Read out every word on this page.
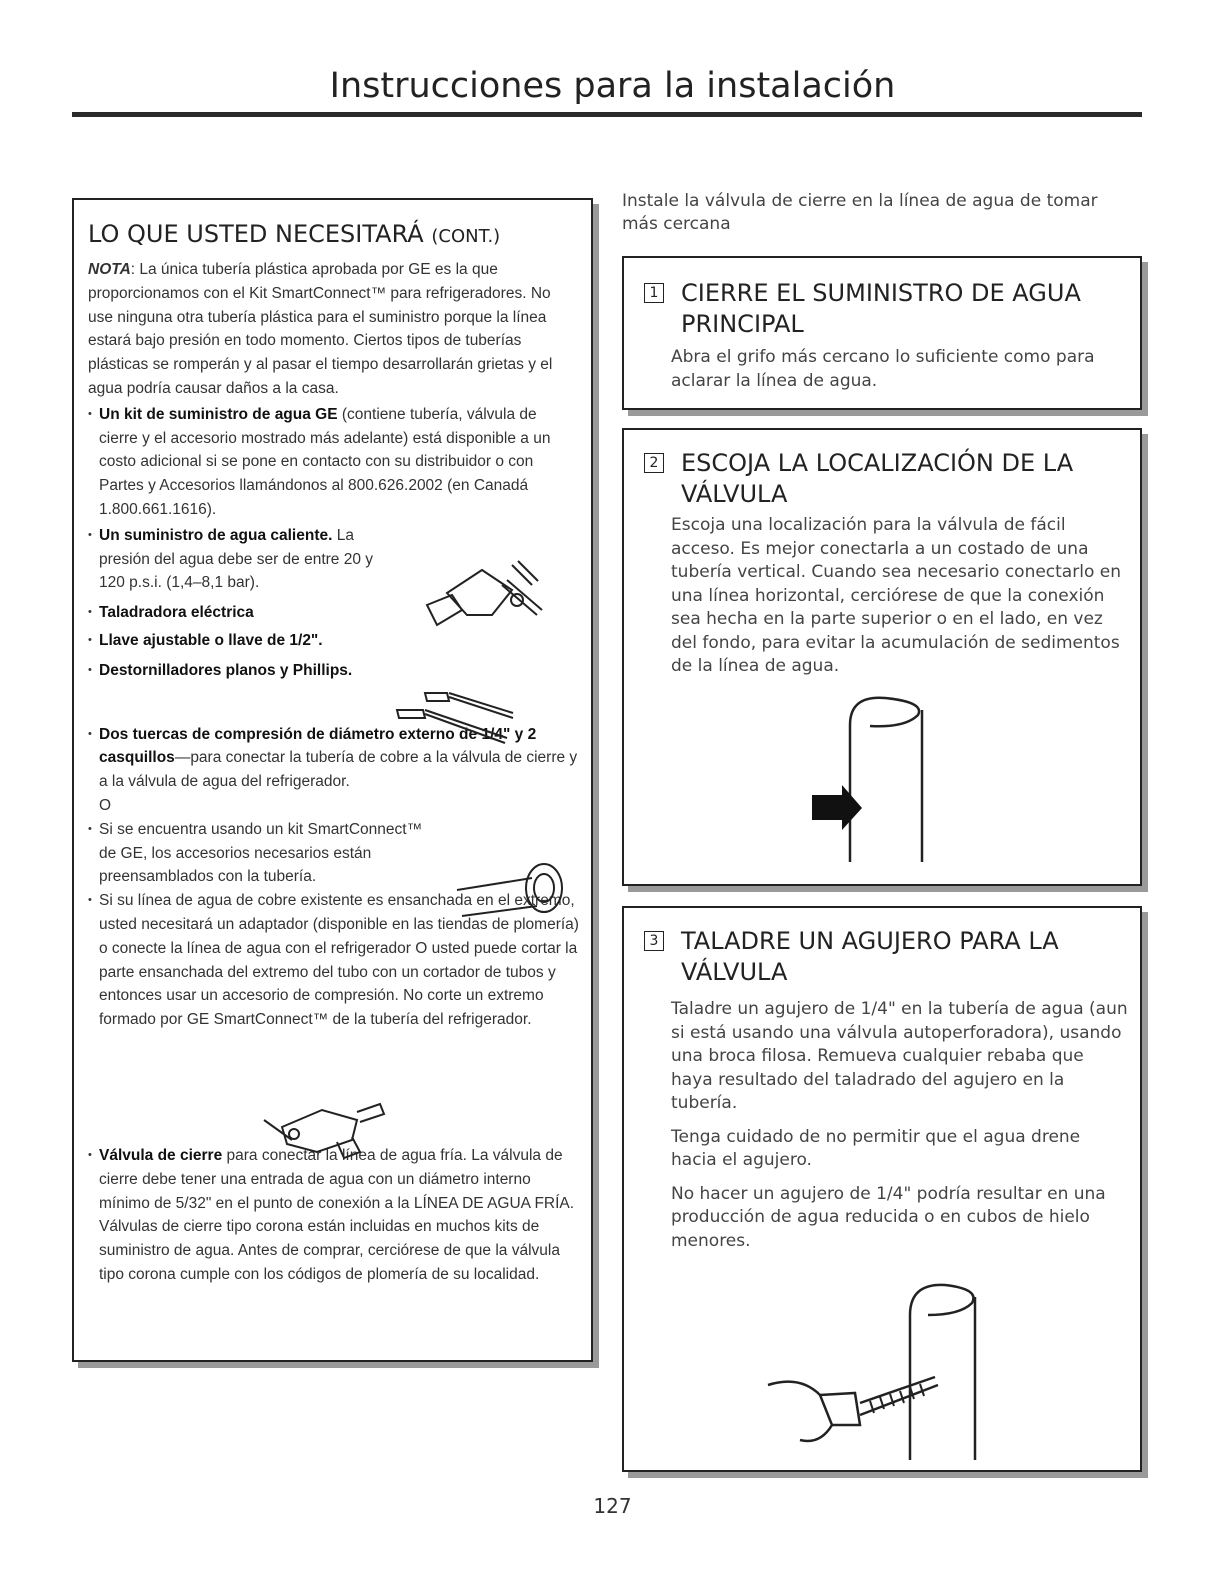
Instrucciones para la instalación
LO QUE USTED NECESITARÁ (CONT.)

NOTA: La única tubería plástica aprobada por GE es la que proporcionamos con el Kit SmartConnect™ para refrigeradores. No use ninguna otra tubería plástica para el suministro porque la línea estará bajo presión en todo momento. Ciertos tipos de tuberías plásticas se romperán y al pasar el tiempo desarrollarán grietas y el agua podría causar daños a la casa.

• Un kit de suministro de agua GE (contiene tubería, válvula de cierre y el accesorio mostrado más adelante) está disponible a un costo adicional si se pone en contacto con su distribuidor o con Partes y Accesorios llamándonos al 800.626.2002 (en Canadá 1.800.661.1616).

• Un suministro de agua caliente. La presión del agua debe ser de entre 20 y 120 p.s.i. (1,4–8,1 bar).

• Taladradora eléctrica

• Llave ajustable o llave de 1/2".

• Destornilladores planos y Phillips.

• Dos tuercas de compresión de diámetro externo de 1/4" y 2 casquillos—para conectar la tubería de cobre a la válvula de cierre y a la válvula de agua del refrigerador.

O

• Si se encuentra usando un kit SmartConnect™ de GE, los accesorios necesarios están preensamblados con la tubería.

• Si su línea de agua de cobre existente es ensanchada en el extremo, usted necesitará un adaptador (disponible en las tiendas de plomería) o conecte la línea de agua con el refrigerador O usted puede cortar la parte ensanchada del extremo del tubo con un cortador de tubos y entonces usar un accesorio de compresión. No corte un extremo formado por GE SmartConnect™ de la tubería del refrigerador.

• Válvula de cierre para conectar la línea de agua fría. La válvula de cierre debe tener una entrada de agua con un diámetro interno mínimo de 5/32" en el punto de conexión a la LÍNEA DE AGUA FRÍA. Válvulas de cierre tipo corona están incluidas en muchos kits de suministro de agua. Antes de comprar, cerciórese de que la válvula tipo corona cumple con los códigos de plomería de su localidad.

Instale la válvula de cierre en la línea de agua de tomar más cercana
1 CIERRE EL SUMINISTRO DE AGUA PRINCIPAL

Abra el grifo más cercano lo suficiente como para aclarar la línea de agua.

2 ESCOJA LA LOCALIZACIÓN DE LA VÁLVULA

Escoja una localización para la válvula de fácil acceso. Es mejor conectarla a un costado de una tubería vertical. Cuando sea necesario conectarlo en una línea horizontal, cerciórese de que la conexión sea hecha en la parte superior o en el lado, en vez del fondo, para evitar la acumulación de sedimentos de la línea de agua.

3 TALADRE UN AGUJERO PARA LA VÁLVULA

Taladre un agujero de 1/4" en la tubería de agua (aun si está usando una válvula autoperforadora), usando una broca filosa. Remueva cualquier rebaba que haya resultado del taladrado del agujero en la tubería.

Tenga cuidado de no permitir que el agua drene hacia el agujero.

No hacer un agujero de 1/4" podría resultar en una producción de agua reducida o en cubos de hielo menores.

127
